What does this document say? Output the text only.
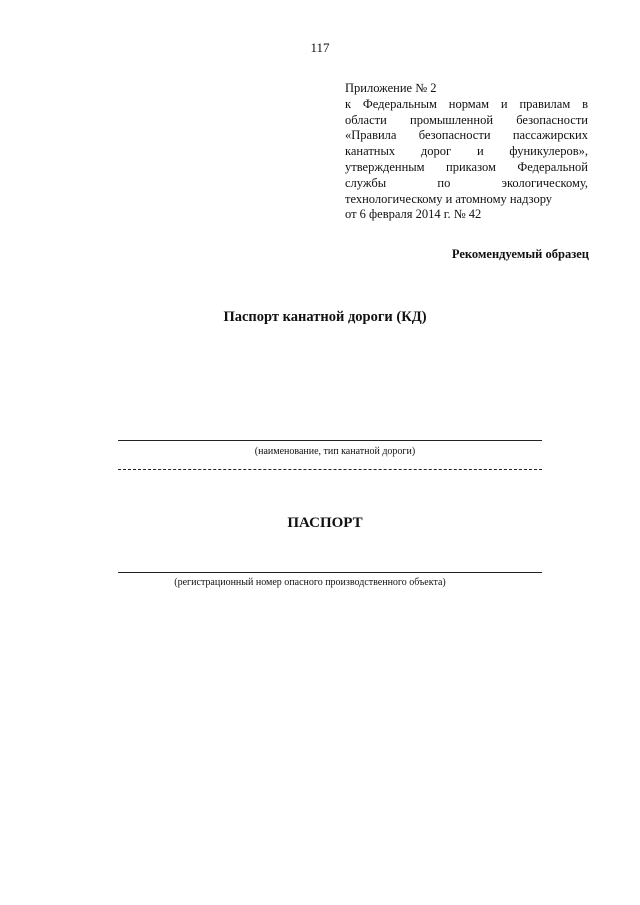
117
Приложение № 2
к Федеральным нормам и правилам в
области промышленной безопасности
«Правила безопасности пассажирских
канатных дорог и фуникулеров»,
утвержденным приказом Федеральной
службы	по	экологическому,
технологическому и атомному надзору
от 6 февраля 2014 г. № 42
Рекомендуемый образец
Паспорт канатной дороги (КД)
(наименование, тип канатной дороги)
ПАСПОРТ
(регистрационный номер опасного производственного объекта)
